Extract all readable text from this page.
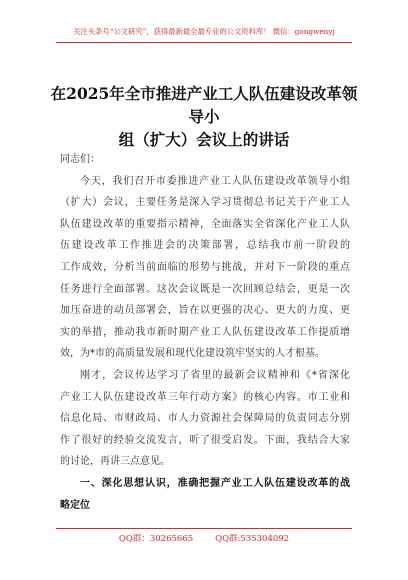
关注头条号“公文研究”，获得最新最全最专业的公文资料库！ 微信：gongwenyj
在2025年全市推进产业工人队伍建设改革领导小
组（扩大）会议上的讲话
同志们：
今天，我们召开市委推进产业工人队伍建设改革领导小组
（扩大）会议，主要任务是深入学习贯彻总书记关于产业工人
队伍建设改革的重要指示精神，全面落实全省深化产业工人队
伍建设改革工作推进会的决策部署，总结我市前一阶段的
工作成效，分析当前面临的形势与挑战，并对下一阶段的重点
任务进行全面部署。这次会议既是一次回顾总结会，更是一次
加压奋进的动员部署会，旨在以更强的决心、更大的力度、更
实的举措，推动我市新时期产业工人队伍建设改革工作提质增
效，为*市的高质量发展和现代化建设筑牢坚实的人才根基。
刚才，会议传达学习了省里的最新会议精神和《*省深化
产业工人队伍建设改革三年行动方案》的核心内容。市工业和
信息化局、市财政局、市人力资源社会保障局的负责同志分别
作了很好的经验交流发言，听了很受启发。下面，我结合大家
的讨论，再讲三点意见。
一、深化思想认识，准确把握产业工人队伍建设改革的战
略定位
QQ群：30265665	QQ群:535304092
